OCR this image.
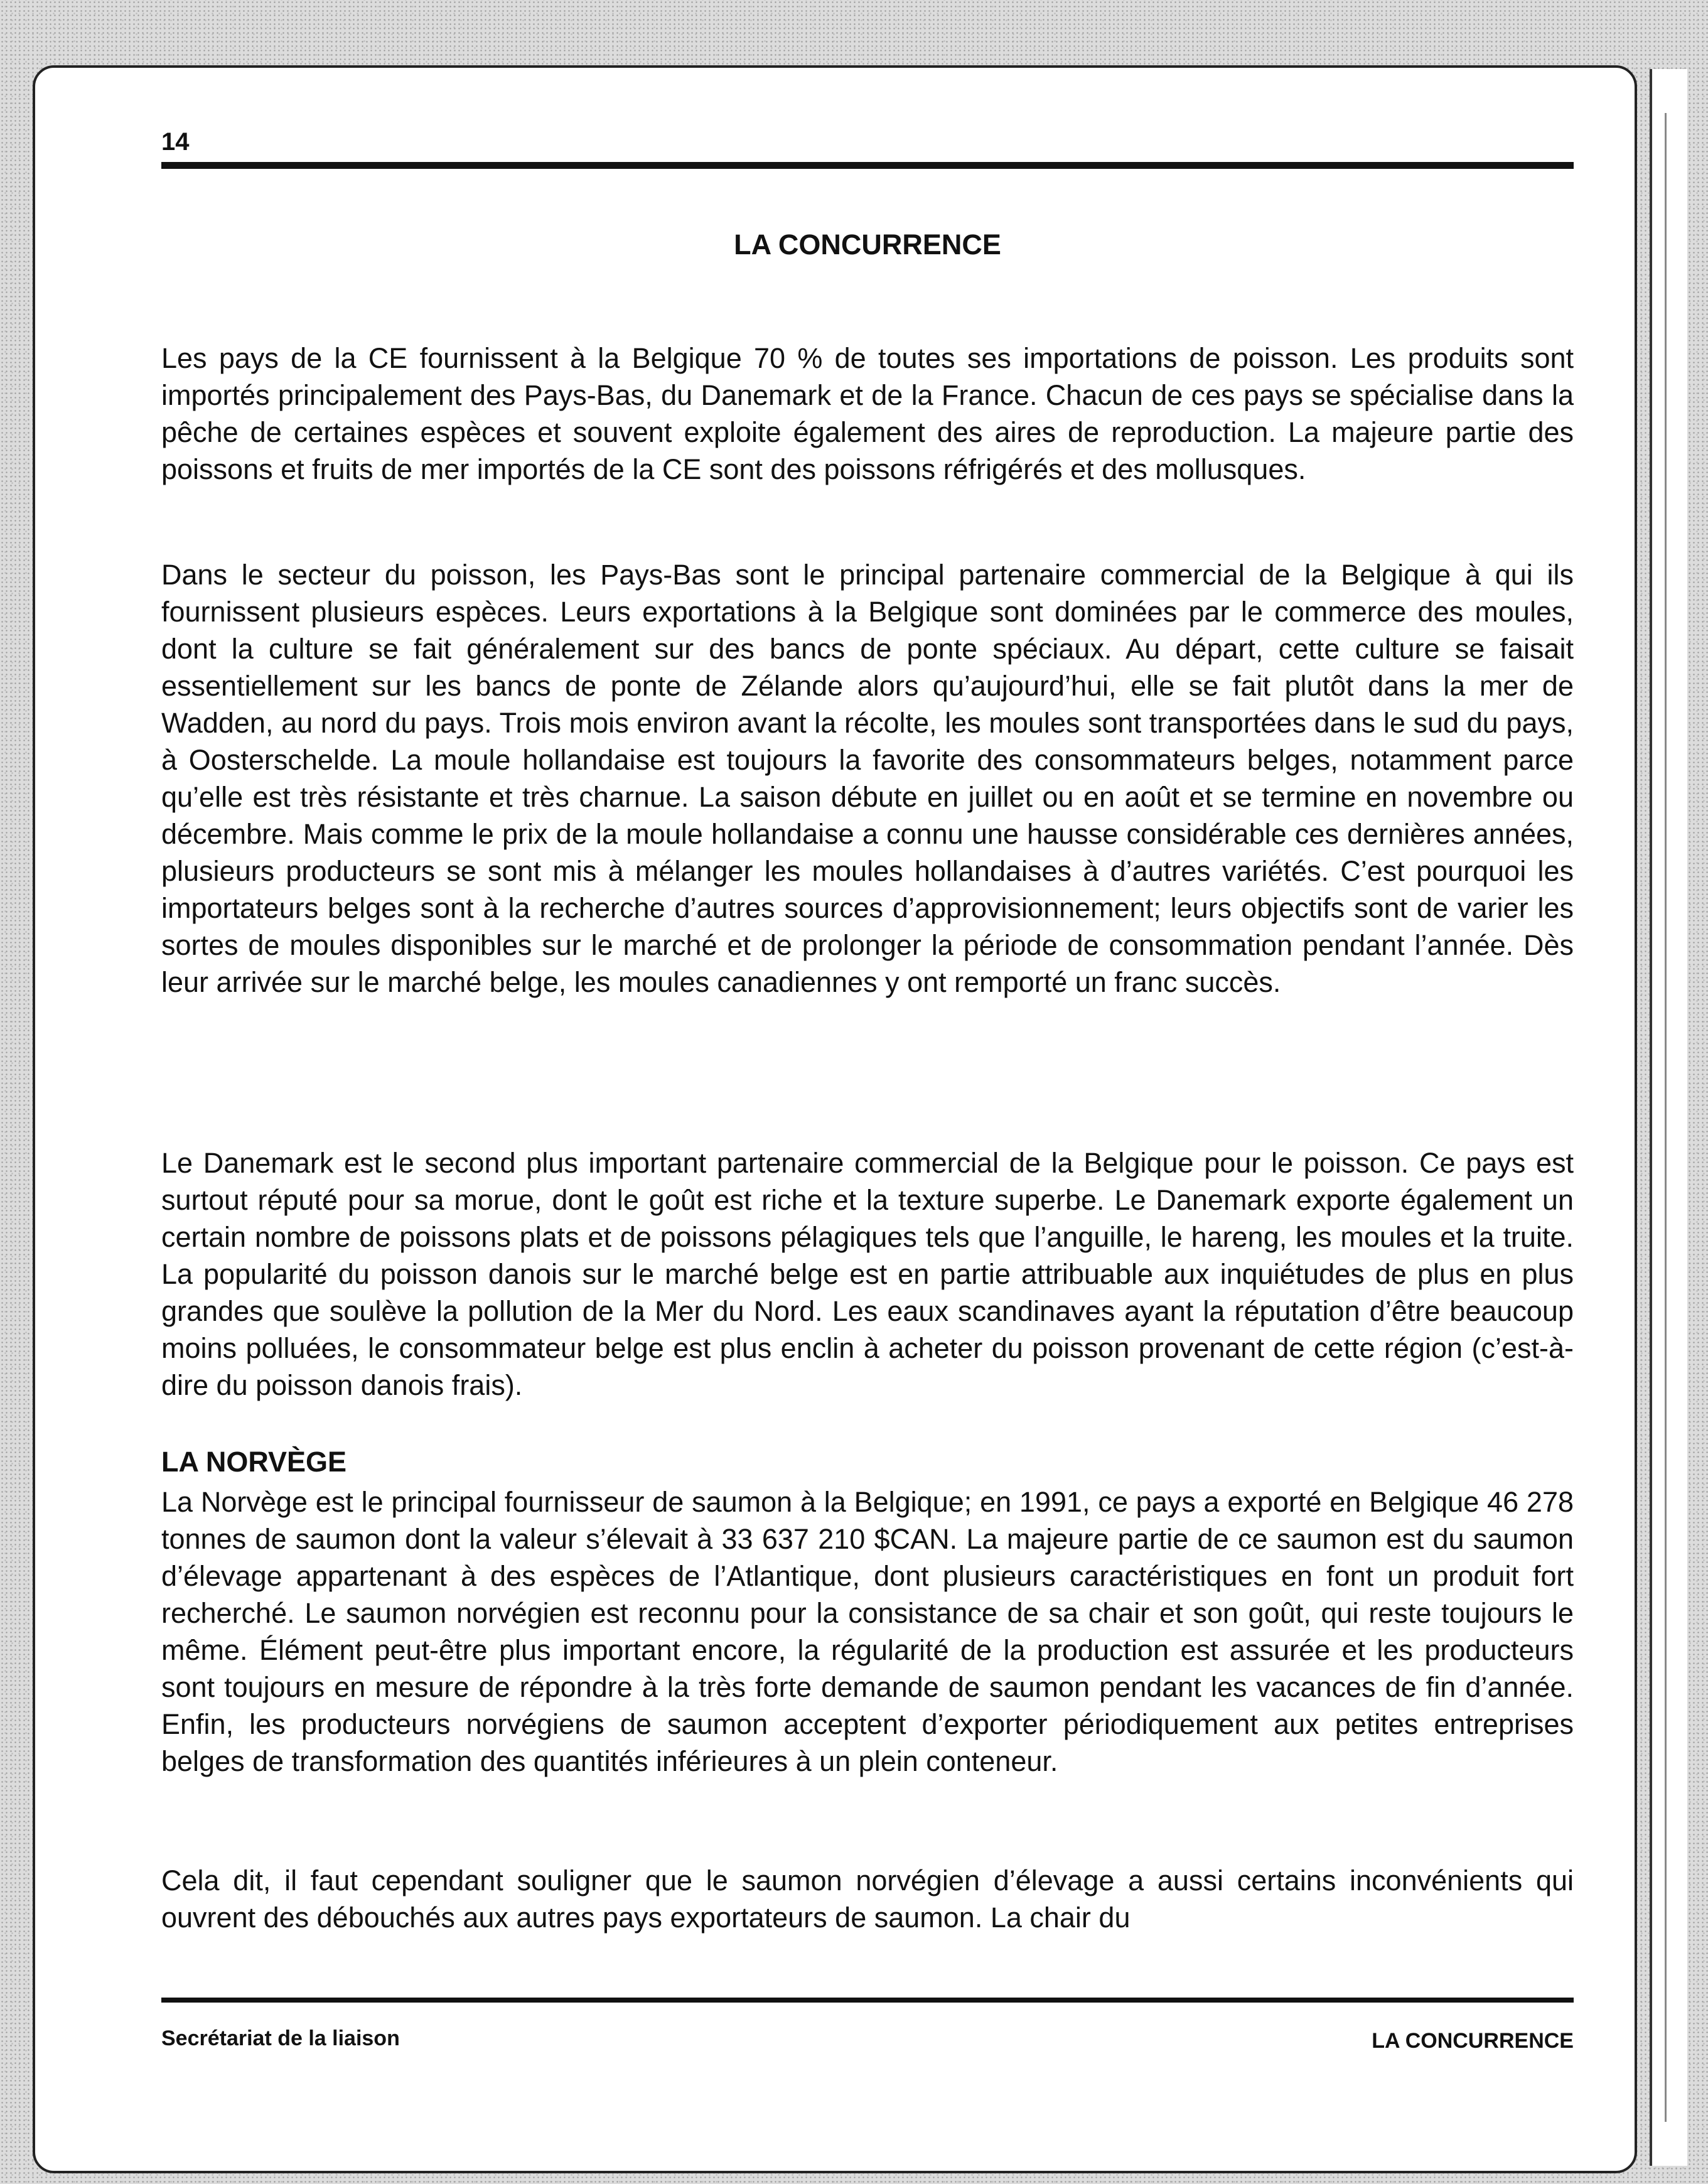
14

LA CONCURRENCE

Les pays de la CE fournissent à la Belgique 70 % de toutes ses importations de poisson. Les produits sont importés principalement des Pays-Bas, du Danemark et de la France. Chacun de ces pays se spécialise dans la pêche de certaines espèces et souvent exploite également des aires de reproduction. La majeure partie des poissons et fruits de mer importés de la CE sont des poissons réfrigérés et des mollusques.

Dans le secteur du poisson, les Pays-Bas sont le principal partenaire commercial de la Belgique à qui ils fournissent plusieurs espèces. Leurs exportations à la Belgique sont dominées par le commerce des moules, dont la culture se fait généralement sur des bancs de ponte spéciaux. Au départ, cette culture se faisait essentiellement sur les bancs de ponte de Zélande alors qu’aujourd’hui, elle se fait plutôt dans la mer de Wadden, au nord du pays. Trois mois environ avant la récolte, les moules sont transportées dans le sud du pays, à Oosterschelde. La moule hollandaise est toujours la favorite des consommateurs belges, notamment parce qu’elle est très résistante et très charnue. La saison débute en juillet ou en août et se termine en novembre ou décembre. Mais comme le prix de la moule hollandaise a connu une hausse considérable ces dernières années, plusieurs producteurs se sont mis à mélanger les moules hollandaises à d’autres variétés. C’est pourquoi les importateurs belges sont à la recherche d’autres sources d’approvisionnement; leurs objectifs sont de varier les sortes de moules disponibles sur le marché et de prolonger la période de consommation pendant l’année. Dès leur arrivée sur le marché belge, les moules canadiennes y ont remporté un franc succès.

Le Danemark est le second plus important partenaire commercial de la Belgique pour le poisson. Ce pays est surtout réputé pour sa morue, dont le goût est riche et la texture superbe. Le Danemark exporte également un certain nombre de poissons plats et de poissons pélagiques tels que l’anguille, le hareng, les moules et la truite. La popularité du poisson danois sur le marché belge est en partie attribuable aux inquiétudes de plus en plus grandes que soulève la pollution de la Mer du Nord. Les eaux scandinaves ayant la réputation d’être beaucoup moins polluées, le consommateur belge est plus enclin à acheter du poisson provenant de cette région (c’est-à-dire du poisson danois frais).

LA NORVÈGE

La Norvège est le principal fournisseur de saumon à la Belgique; en 1991, ce pays a exporté en Belgique 46 278 tonnes de saumon dont la valeur s’élevait à 33 637 210 $CAN. La majeure partie de ce saumon est du saumon d’élevage appartenant à des espèces de l’Atlantique, dont plusieurs caractéristiques en font un produit fort recherché. Le saumon norvégien est reconnu pour la consistance de sa chair et son goût, qui reste toujours le même. Élément peut-être plus important encore, la régularité de la production est assurée et les producteurs sont toujours en mesure de répondre à la très forte demande de saumon pendant les vacances de fin d’année. Enfin, les producteurs norvégiens de saumon acceptent d’exporter périodiquement aux petites entreprises belges de transformation des quantités inférieures à un plein conteneur.

Cela dit, il faut cependant souligner que le saumon norvégien d’élevage a aussi certains inconvénients qui ouvrent des débouchés aux autres pays exportateurs de saumon. La chair du

Secrétariat de la liaison	LA CONCURRENCE
